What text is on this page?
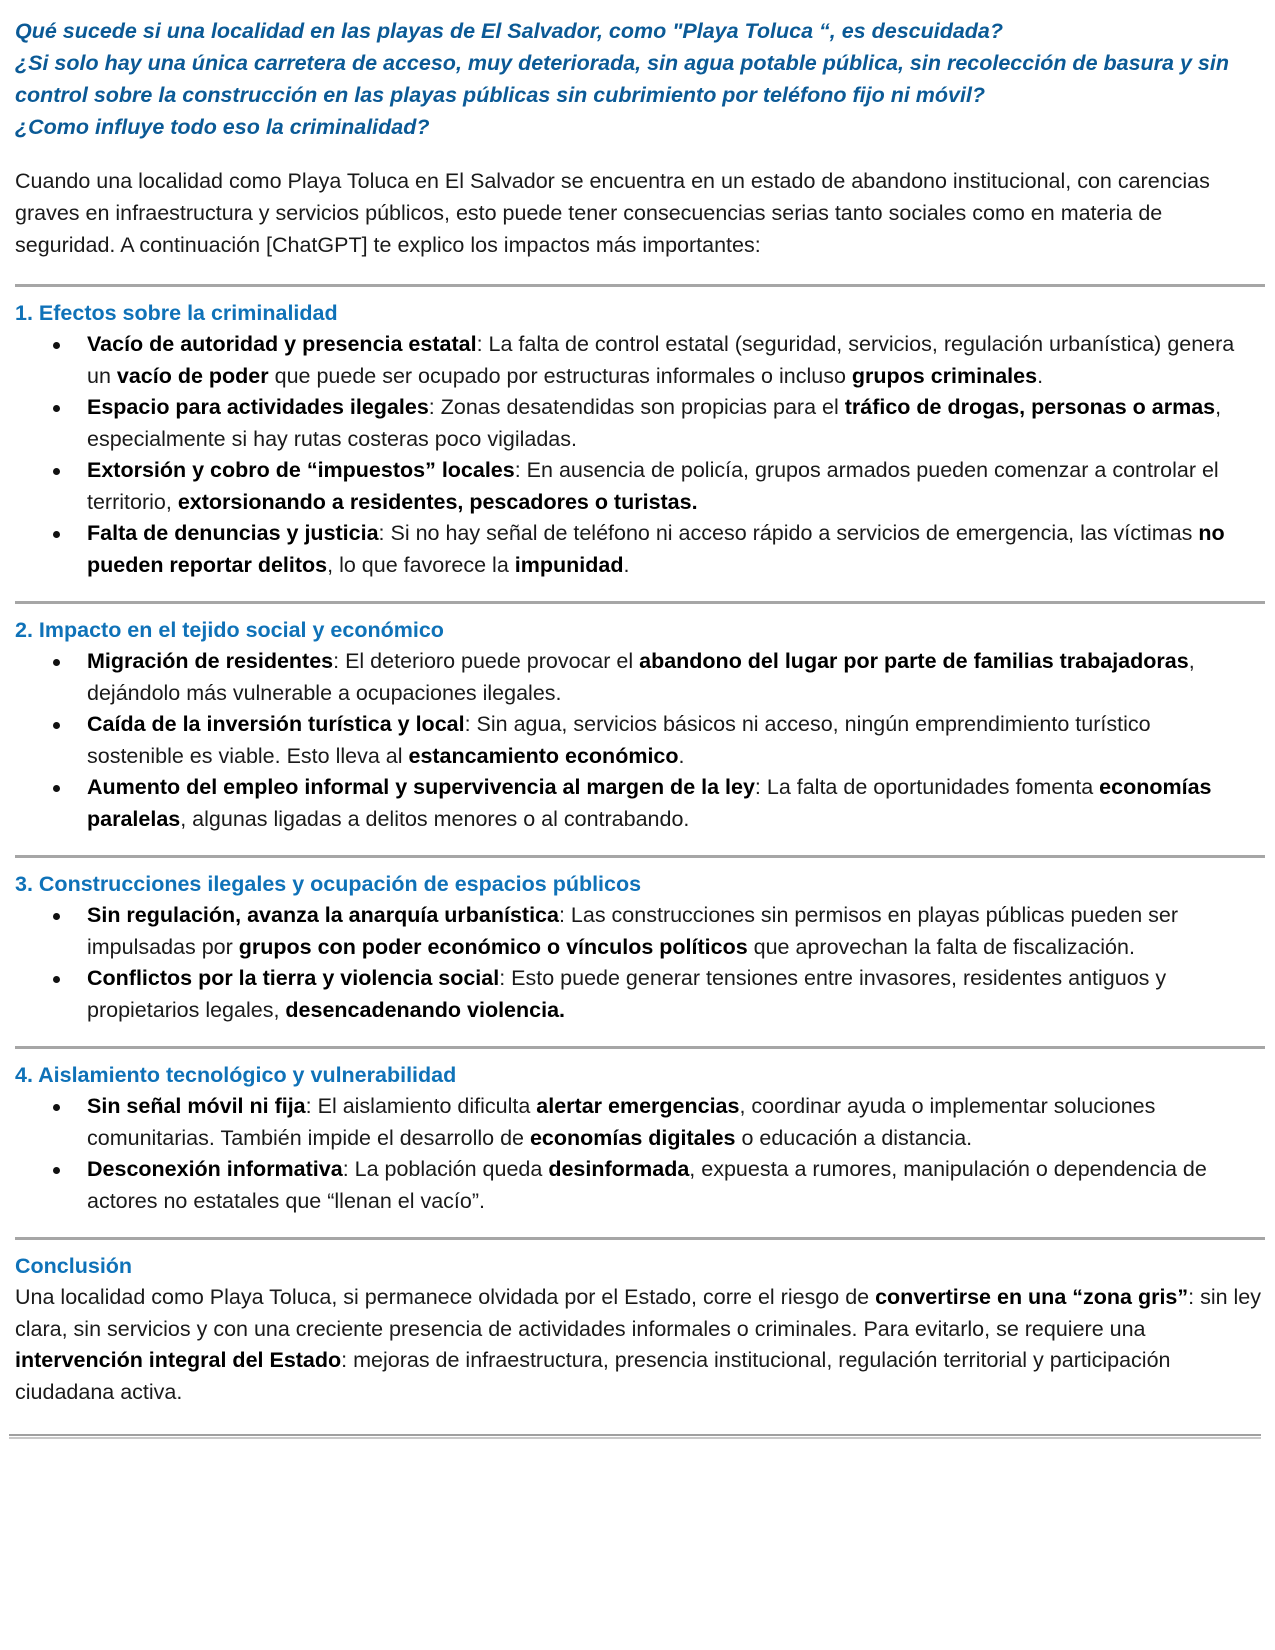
Qué sucede si una localidad en las playas de El Salvador, como "Playa Toluca “, es descuidada?
¿Si solo hay una única carretera de acceso, muy deteriorada, sin agua potable pública, sin recolección de basura y sin control sobre la construcción en las playas públicas sin cubrimiento por teléfono fijo ni móvil?
¿Como influye todo eso la criminalidad?

Cuando una localidad como Playa Toluca en El Salvador se encuentra en un estado de abandono institucional, con carencias graves en infraestructura y servicios públicos, esto puede tener consecuencias serias tanto sociales como en materia de seguridad. A continuación [ChatGPT] te explico los impactos más importantes:

1. Efectos sobre la criminalidad
Vacío de autoridad y presencia estatal: La falta de control estatal (seguridad, servicios, regulación urbanística) genera un vacío de poder que puede ser ocupado por estructuras informales o incluso grupos criminales.
Espacio para actividades ilegales: Zonas desatendidas son propicias para el tráfico de drogas, personas o armas, especialmente si hay rutas costeras poco vigiladas.
Extorsión y cobro de “impuestos” locales: En ausencia de policía, grupos armados pueden comenzar a controlar el territorio, extorsionando a residentes, pescadores o turistas.
Falta de denuncias y justicia: Si no hay señal de teléfono ni acceso rápido a servicios de emergencia, las víctimas no pueden reportar delitos, lo que favorece la impunidad.
2. Impacto en el tejido social y económico
Migración de residentes: El deterioro puede provocar el abandono del lugar por parte de familias trabajadoras, dejándolo más vulnerable a ocupaciones ilegales.
Caída de la inversión turística y local: Sin agua, servicios básicos ni acceso, ningún emprendimiento turístico sostenible es viable. Esto lleva al estancamiento económico.
Aumento del empleo informal y supervivencia al margen de la ley: La falta de oportunidades fomenta economías paralelas, algunas ligadas a delitos menores o al contrabando.
3. Construcciones ilegales y ocupación de espacios públicos
Sin regulación, avanza la anarquía urbanística: Las construcciones sin permisos en playas públicas pueden ser impulsadas por grupos con poder económico o vínculos políticos que aprovechan la falta de fiscalización.
Conflictos por la tierra y violencia social: Esto puede generar tensiones entre invasores, residentes antiguos y propietarios legales, desencadenando violencia.
4. Aislamiento tecnológico y vulnerabilidad
Sin señal móvil ni fija: El aislamiento dificulta alertar emergencias, coordinar ayuda o implementar soluciones comunitarias. También impide el desarrollo de economías digitales o educación a distancia.
Desconexión informativa: La población queda desinformada, expuesta a rumores, manipulación o dependencia de actores no estatales que “llenan el vacío”.
Conclusión

Una localidad como Playa Toluca, si permanece olvidada por el Estado, corre el riesgo de convertirse en una “zona gris”: sin ley clara, sin servicios y con una creciente presencia de actividades informales o criminales. Para evitarlo, se requiere una intervención integral del Estado: mejoras de infraestructura, presencia institucional, regulación territorial y participación ciudadana activa.
